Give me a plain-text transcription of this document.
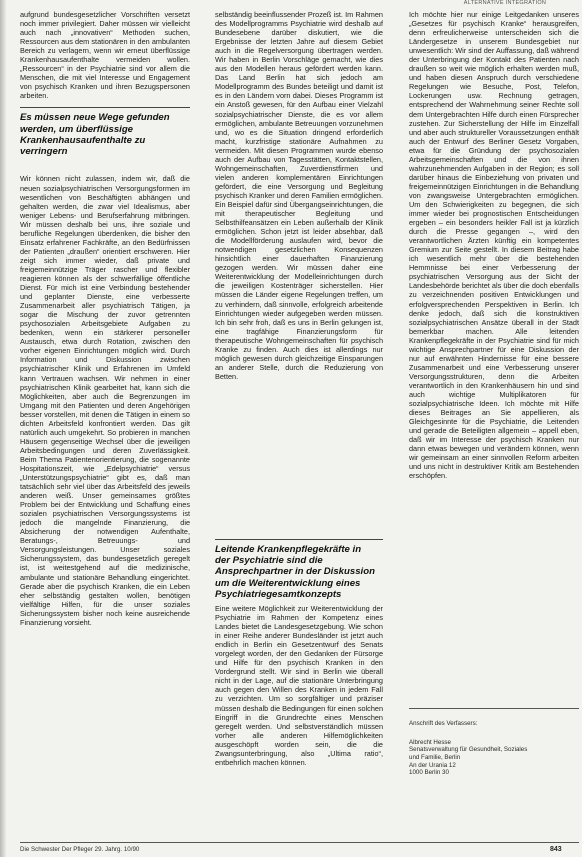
ALTERNATIVE INTEGRATION

aufgrund bundesgesetzlicher Vorschriften versetzt noch immer privilegiert. Daher müssen wir vielleicht auch nach „innovativen“ Methoden suchen, Ressourcen aus dem stationären in den ambulanten Bereich zu verlagern, wenn wir erneut überflüssige Krankenhausaufenthalte vermeiden wollen. „Ressourcen“ in der Psychiatrie sind vor allem die Menschen, die mit viel Interesse und Engagement von psychisch Kranken und ihren Bezugspersonen arbeiten.

Es müssen neue Wege gefunden
werden, um überflüssige
Krankenhausaufenthalte zu
verringern

Wir können nicht zulassen, indem wir, daß die neuen sozialpsychiatrischen Versorgungsformen im wesentlichen von Beschäftigten abhängen und gehalten werden, die zwar viel Idealismus, aber weniger Lebens- und Berufserfahrung mitbringen. Wir müssen deshalb bei uns, ihre soziale und berufliche Regelungen überdenken, die bisher den Einsatz erfahrener Fachkräfte, an den Bedürfnissen der Patienten „draußen“ orientiert erschweren. Hier zeigt sich immer wieder, daß private und freigemeinnützige Träger rascher und flexibler reagieren können als der schwerfällige öffentliche Dienst. Für mich ist eine Verbindung bestehender und geplanter Dienste, eine verbesserte Zusammenarbeit aller psychiatrisch Tätigen, ja sogar die Mischung der zuvor getrennten psychosozialen Arbeitsgebiete Aufgaben zu bedenken, wenn ein stärkerer personeller Austausch, etwa durch Rotation, zwischen den vorher eigenen Einrichtungen möglich wird. Durch Information und Diskussion zwischen psychiatrischer Klinik und Erfahrenen im Umfeld kann Vertrauen wachsen. Wir nehmen in einer psychiatrischen Klinik gearbeitet hat, kann sich die Möglichkeiten, aber auch die Begrenzungen im Umgang mit den Patienten und deren Angehörigen besser vorstellen, mit denen die Tätigen in einem so dichten Arbeitsfeld konfrontiert werden. Das gilt natürlich auch umgekehrt. So probieren in manchen Häusern gegenseitige Wechsel über die jeweiligen Arbeitsbedingungen und deren Zuverlässigkeit. Beim Thema Patientenorientierung, die sogenannte Hospitationszeit, wie „Edelpsychiatrie“ versus „Unterstützungspsychiatrie“ gibt es, daß man tatsächlich sehr viel über das Arbeitsfeld des jeweils anderen weiß. Unser gemeinsames größtes Problem bei der Entwicklung und Schaffung eines sozialen psychiatrischen Versorgungssystems ist jedoch die mangelnde Finanzierung, die Absicherung der notwendigen Aufenthalte, Beratungs-, Betreuungs- und Versorgungsleistungen. Unser soziales Sicherungssystem, das bundesgesetzlich geregelt ist, ist weitestgehend auf die medizinische, ambulante und stationäre Behandlung eingerichtet. Gerade aber die psychisch Kranken, die ein Leben eher selbständig gestalten wollen, benötigen vielfältige Hilfen, für die unser soziales Sicherungssystem bisher noch keine ausreichende Finanzierung vorsieht.

selbständig beeinflussender Prozeß ist. Im Rahmen des Modellprogramms Psychiatrie wird deshalb auf Bundesebene darüber diskutiert, wie die Ergebnisse der letzten Jahre auf diesem Gebiet auch in die Regelversorgung übertragen werden. Wir haben in Berlin Vorschläge gemacht, wie dies aus den Modellen heraus gefördert werden kann. Das Land Berlin hat sich jedoch am Modellprogramm des Bundes beteiligt und damit ist es in den Ländern vorn dabei. Dieses Programm ist ein Anstoß gewesen, für den Aufbau einer Vielzahl sozialpsychiatrischer Dienste, die es vor allem ermöglichen, ambulante Betreuungen vorzunehmen und, wo es die Situation dringend erforderlich macht, kurzfristige stationäre Aufnahmen zu vermeiden. Mit diesen Programmen wurde ebenso auch der Aufbau von Tagesstätten, Kontaktstellen, Wohngemeinschaften, Zuverdienstfirmen und vielen anderen komplementären Einrichtungen gefördert, die eine Versorgung und Begleitung psychisch Kranker und deren Familien ermöglichen. Ein Beispiel dafür sind Übergangseinrichtungen, die mit therapeutischer Begleitung und Selbsthilfeansätzen ein Leben außerhalb der Klinik ermöglichen. Schon jetzt ist leider absehbar, daß die Modellförderung auslaufen wird, bevor die notwendigen gesetzlichen Konsequenzen hinsichtlich einer dauerhaften Finanzierung gezogen werden. Wir müssen daher eine Weiterentwicklung der Modelleinrichtungen durch die jeweiligen Kostenträger sicherstellen. Hier müssen die Länder eigene Regelungen treffen, um zu verhindern, daß sinnvolle, erfolgreich arbeitende Einrichtungen wieder aufgegeben werden müssen. Ich bin sehr froh, daß es uns in Berlin gelungen ist, eine tragfähige Finanzierungsform für therapeutische Wohngemeinschaften für psychisch Kranke zu finden. Auch dies ist allerdings nur möglich gewesen durch gleichzeitige Einsparungen an anderer Stelle, durch die Reduzierung von Betten.

Leitende Krankenpflegekräfte in
der Psychiatrie sind die
Ansprechpartner in der Diskussion
um die Weiterentwicklung eines
Psychiatriegesamtkonzepts

Eine weitere Möglichkeit zur Weiterentwicklung der Psychiatrie im Rahmen der Kompetenz eines Landes bietet die Landesgesetzgebung. Wie schon in einer Reihe anderer Bundesländer ist jetzt auch endlich in Berlin ein Gesetzentwurf des Senats vorgelegt worden, der den Gedanken der Fürsorge und Hilfe für den psychisch Kranken in den Vordergrund stellt. Wir sind in Berlin wie überall nicht in der Lage, auf die stationäre Unterbringung auch gegen den Willen des Kranken in jedem Fall zu verzichten. Um so sorgfältiger und präziser müssen deshalb die Bedingungen für einen solchen Eingriff in die Grundrechte eines Menschen geregelt werden. Und selbstverständlich müssen vorher alle anderen Hilfemöglichkeiten ausgeschöpft worden sein, die die Zwangsunterbringung, also „Ultima ratio“, entbehrlich machen können.

Ich möchte hier nur einige Leitgedanken unseres „Gesetzes für psychisch Kranke“ herausgreifen, denn erfreulicherweise unterscheiden sich die Ländergesetze in unserem Bundesgebiet nur unwesentlich: Wir sind der Auffassung, daß während der Unterbringung der Kontakt des Patienten nach draußen so weit wie möglich erhalten werden muß, und haben diesen Anspruch durch verschiedene Regelungen wie Besuche, Post, Telefon, Lockerungen usw. Rechnung getragen, entsprechend der Wahrnehmung seiner Rechte soll dem Untergebrachten Hilfe durch einen Fürsprecher zustehen. Zur Sicherstellung der Hilfe im Einzelfall und aber auch struktureller Voraussetzungen enthält auch der Entwurf des Berliner Gesetz Vorgaben, etwa für die Gründung der psychosozialen Arbeitsgemeinschaften und die von ihnen wahrzunehmenden Aufgaben in der Region; es soll darüber hinaus die Einbeziehung von privaten und freigemeinnützigen Einrichtungen in die Behandlung von zwangsweise Untergebrachten ermöglichen. Um den Schwierigkeiten zu begegnen, die sich immer wieder bei prognostischen Entscheidungen ergeben – ein besonders heikler Fall ist ja kürzlich durch die Presse gegangen –, wird den verantwortlichen Ärzten künftig ein kompetentes Gremium zur Seite gestellt. In diesem Beitrag habe ich wesentlich mehr über die bestehenden Hemmnisse bei einer Verbesserung der psychiatrischen Versorgung aus der Sicht der Landesbehörde berichtet als über die doch ebenfalls zu verzeichnenden positiven Entwicklungen und erfolgversprechenden Perspektiven in Berlin. Ich denke jedoch, daß sich die konstruktiven sozialpsychiatrischen Ansätze überall in der Stadt bemerkbar machen. Alle leitenden Krankenpflegekräfte in der Psychiatrie sind für mich wichtige Ansprechpartner für eine Diskussion der nur auf erwähnten Hindernisse für eine bessere Zusammenarbeit und eine Verbesserung unserer Versorgungsstrukturen, denn die Arbeiten verantwortlich in den Krankenhäusern hin und sind auch wichtige Multiplikatoren für sozialpsychiatrische Ideen. Ich möchte mit Hilfe dieses Beitrages an Sie appellieren, als Gleichgesinnte für die Psychiatrie, die Leitenden und gerade die Beteiligten allgemein – appell eben, daß wir im Interesse der psychisch Kranken nur dann etwas bewegen und verändern können, wenn wir gemeinsam an einer sinnvollen Reform arbeiten und uns nicht in destruktiver Kritik am Bestehenden erschöpfen.

Anschrift des Verfassers:

Albrecht Hesse
Senatsverwaltung für Gesundheit, Soziales
und Familie, Berlin
An der Urania 12
1000 Berlin 30

Die Schwester Der Pfleger 29. Jahrg. 10/90	843
